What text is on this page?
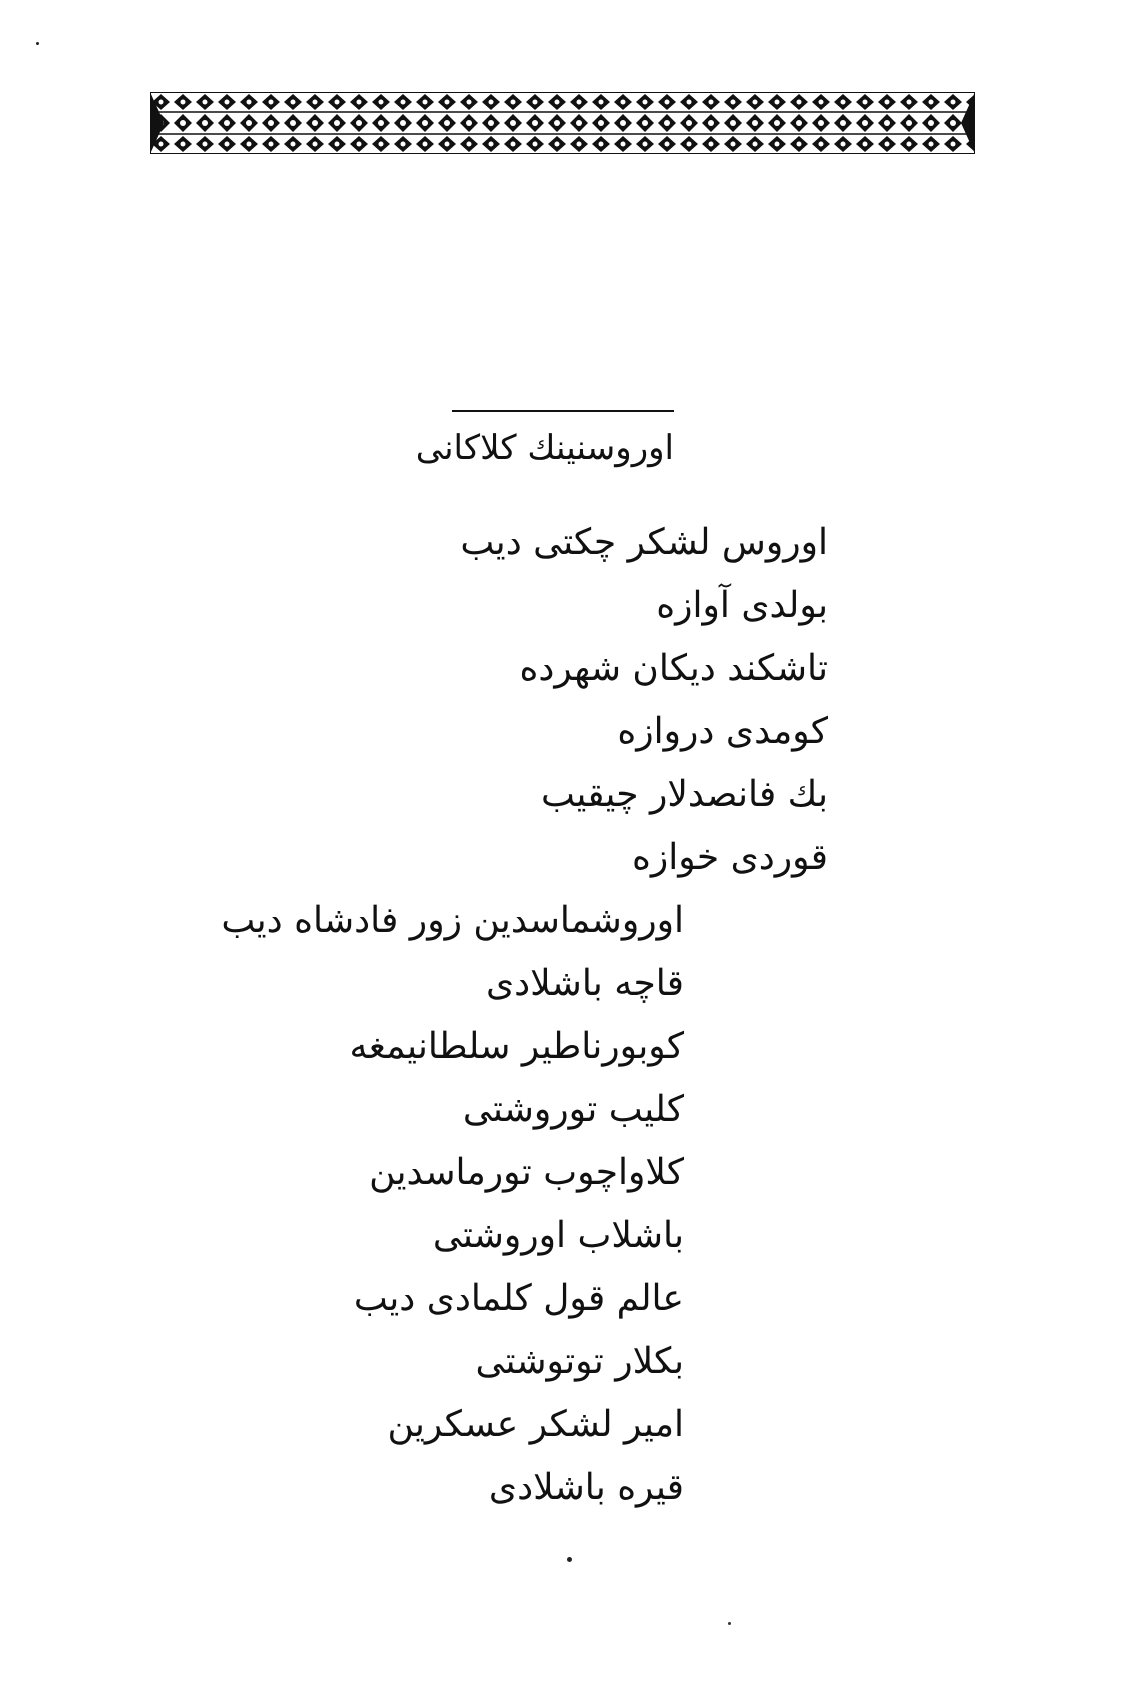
اوروسنینك كلاكانی

اوروس لشکر چکتی دیب

بولدی آوازه

تاشکند دیکان شهرده

کومدی دروازه

بك فانصدلار چیقیب

قوردی خوازه

اوروشماسدین زور فادشاه دیب

قاچه باشلادی

کوبورناطیر سلطانیمغه

کلیب توروشتی

کلاواچوب تورماسدین

باشلاب اوروشتی

عالم قول کلمادی دیب

بکلار توتوشتی

امیر لشکر عسکرین

قیره باشلادی
